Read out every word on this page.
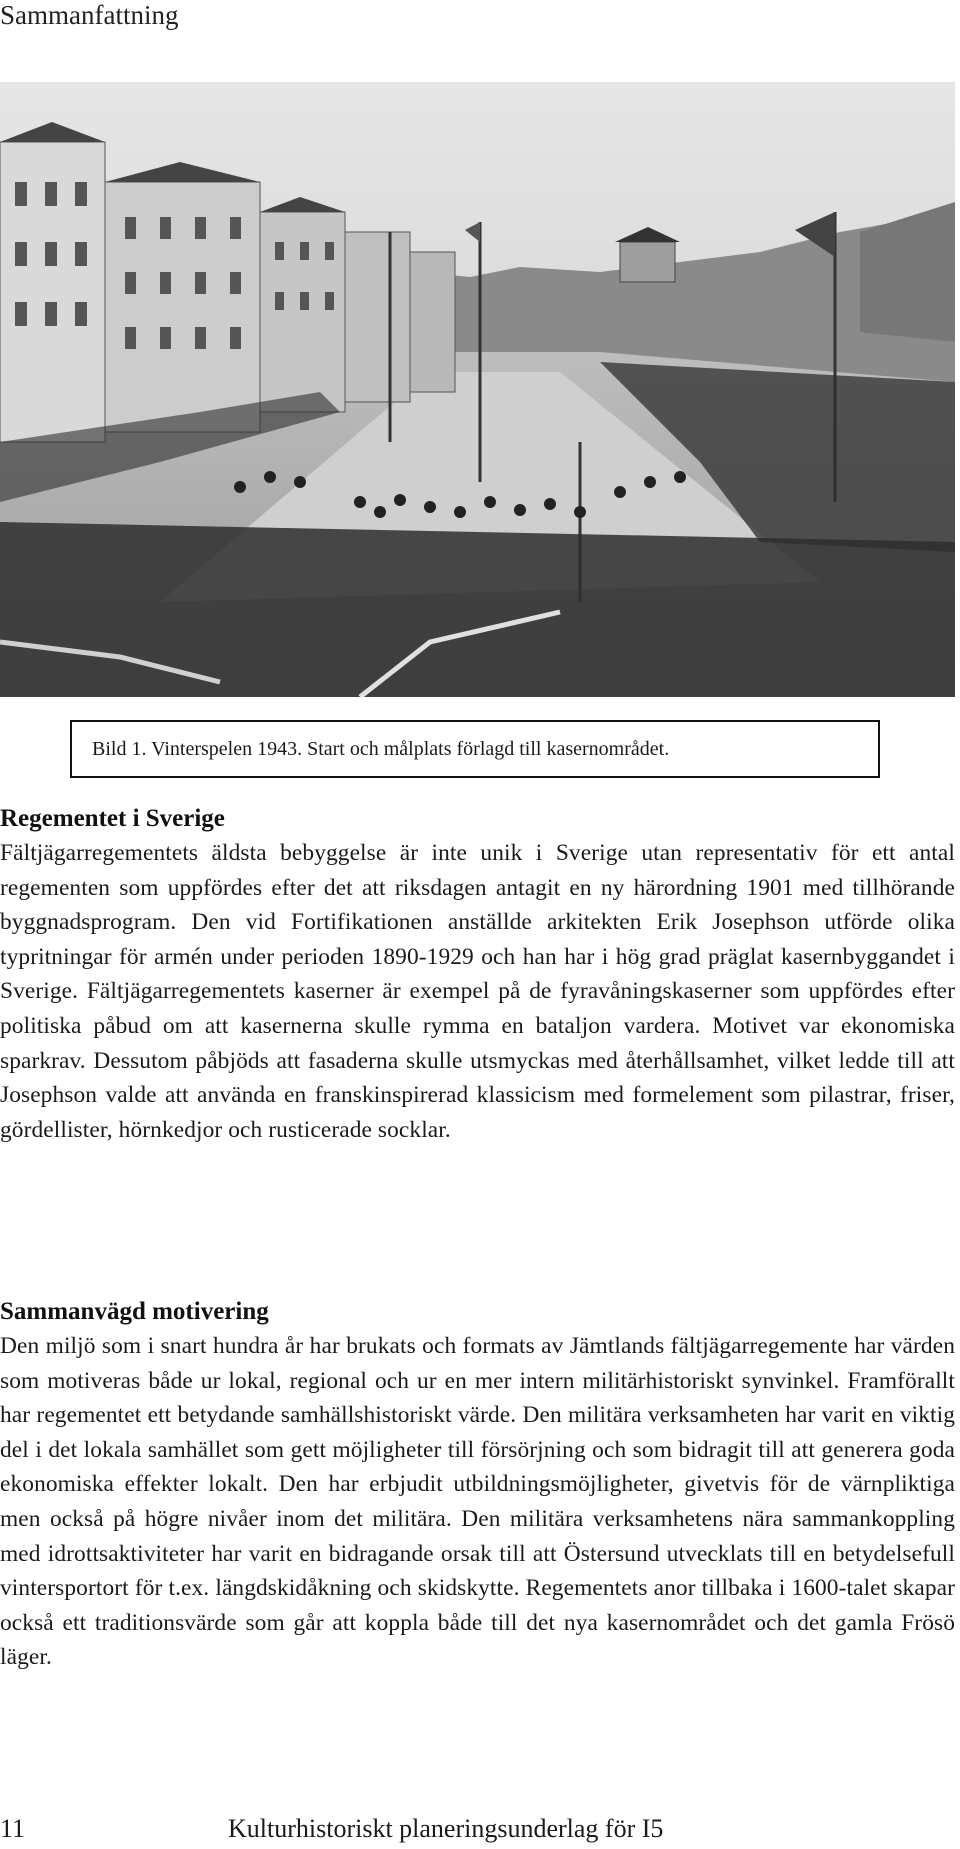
Sammanfattning
Bild 1. Vinterspelen 1943. Start och målplats förlagd till kasernområdet.
Regementet i Sverige

Fältjägarregementets äldsta bebyggelse är inte unik i Sverige utan representativ för ett antal regementen som uppfördes efter det att riksdagen antagit en ny härordning 1901 med tillhörande byggnadsprogram. Den vid Fortifikationen anställde arkitekten Erik Josephson utförde olika typritningar för armén under perioden 1890-1929 och han har i hög grad präglat kasernbyggandet i Sverige. Fältjägarregementets kaserner är exempel på de fyravåningskaserner som uppfördes efter politiska påbud om att kasernerna skulle rymma en bataljon vardera. Motivet var ekonomiska sparkrav. Dessutom påbjöds att fasaderna skulle utsmyckas med återhållsamhet, vilket ledde till att Josephson valde att använda en franskinspirerad klassicism med formelement som pilastrar, friser, gördellister, hörnkedjor och rusticerade socklar.

Sammanvägd motivering

Den miljö som i snart hundra år har brukats och formats av Jämtlands fältjägarregemente har värden som motiveras både ur lokal, regional och ur en mer intern militärhistoriskt synvinkel. Framförallt har regementet ett betydande samhällshistoriskt värde. Den militära verksamheten har varit en viktig del i det lokala samhället som gett möjligheter till försörjning och som bidragit till att generera goda ekonomiska effekter lokalt. Den har erbjudit utbildningsmöjligheter, givetvis för de värnpliktiga men också på högre nivåer inom det militära. Den militära verksamhetens nära sammankoppling med idrottsaktiviteter har varit en bidragande orsak till att Östersund utvecklats till en betydelsefull vintersportort för t.ex. längdskidåkning och skidskytte. Regementets anor tillbaka i 1600-talet skapar också ett traditionsvärde som går att koppla både till det nya kasernområdet och det gamla Frösö läger.

11	Kulturhistoriskt planeringsunderlag för I5
